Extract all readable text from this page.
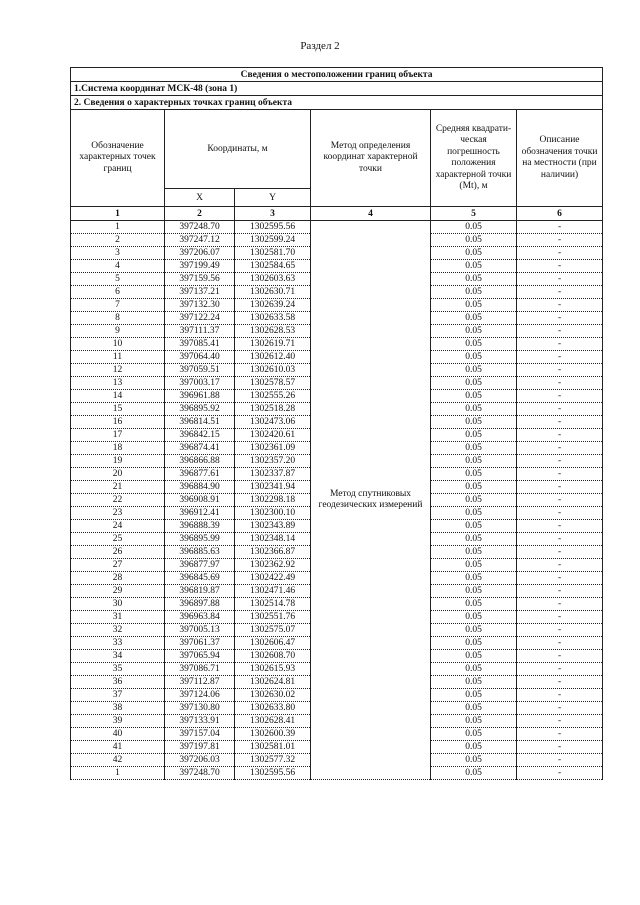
Раздел 2
Сведения о местоположении границ объекта					
1.Система координат МСК-48 (зона 1)					
2. Сведения о характерных точках границ объекта					
Обозначение характерных точек границ	Координаты, м		Метод определения координат характерной точки	Средняя квадрати-ческая погрешность положения характерной точки (Mt), м	Описание обозначения точки на местности (при наличии)
	X	Y			
1	2	3	4	5	6
1	397248.70	1302595.56	Метод спутниковых геодезических измерений	0.05	-
2	397247.12	1302599.24		0.05	-
3	397206.07	1302581.70		0.05	-
4	397199.49	1302584.65		0.05	-
5	397159.56	1302603.63		0.05	-
6	397137.21	1302630.71		0.05	-
7	397132.30	1302639.24		0.05	-
8	397122.24	1302633.58		0.05	-
9	397111.37	1302628.53		0.05	-
10	397085.41	1302619.71		0.05	-
11	397064.40	1302612.40		0.05	-
12	397059.51	1302610.03		0.05	-
13	397003.17	1302578.57		0.05	-
14	396961.88	1302555.26		0.05	-
15	396895.92	1302518.28		0.05	-
16	396814.51	1302473.06		0.05	-
17	396842.15	1302420.61		0.05	-
18	396874.41	1302361.09		0.05	-
19	396866.88	1302357.20		0.05	-
20	396877.61	1302337.87		0.05	-
21	396884.90	1302341.94		0.05	-
22	396908.91	1302298.18		0.05	-
23	396912.41	1302300.10		0.05	-
24	396888.39	1302343.89		0.05	-
25	396895.99	1302348.14		0.05	-
26	396885.63	1302366.87		0.05	-
27	396877.97	1302362.92		0.05	-
28	396845.69	1302422.49		0.05	-
29	396819.87	1302471.46		0.05	-
30	396897.88	1302514.78		0.05	-
31	396963.84	1302551.76		0.05	-
32	397005.13	1302575.07		0.05	-
33	397061.37	1302606.47		0.05	-
34	397065.94	1302608.70		0.05	-
35	397086.71	1302615.93		0.05	-
36	397112.87	1302624.81		0.05	-
37	397124.06	1302630.02		0.05	-
38	397130.80	1302633.80		0.05	-
39	397133.91	1302628.41		0.05	-
40	397157.04	1302600.39		0.05	-
41	397197.81	1302581.01		0.05	-
42	397206.03	1302577.32		0.05	-
1	397248.70	1302595.56		0.05	-
